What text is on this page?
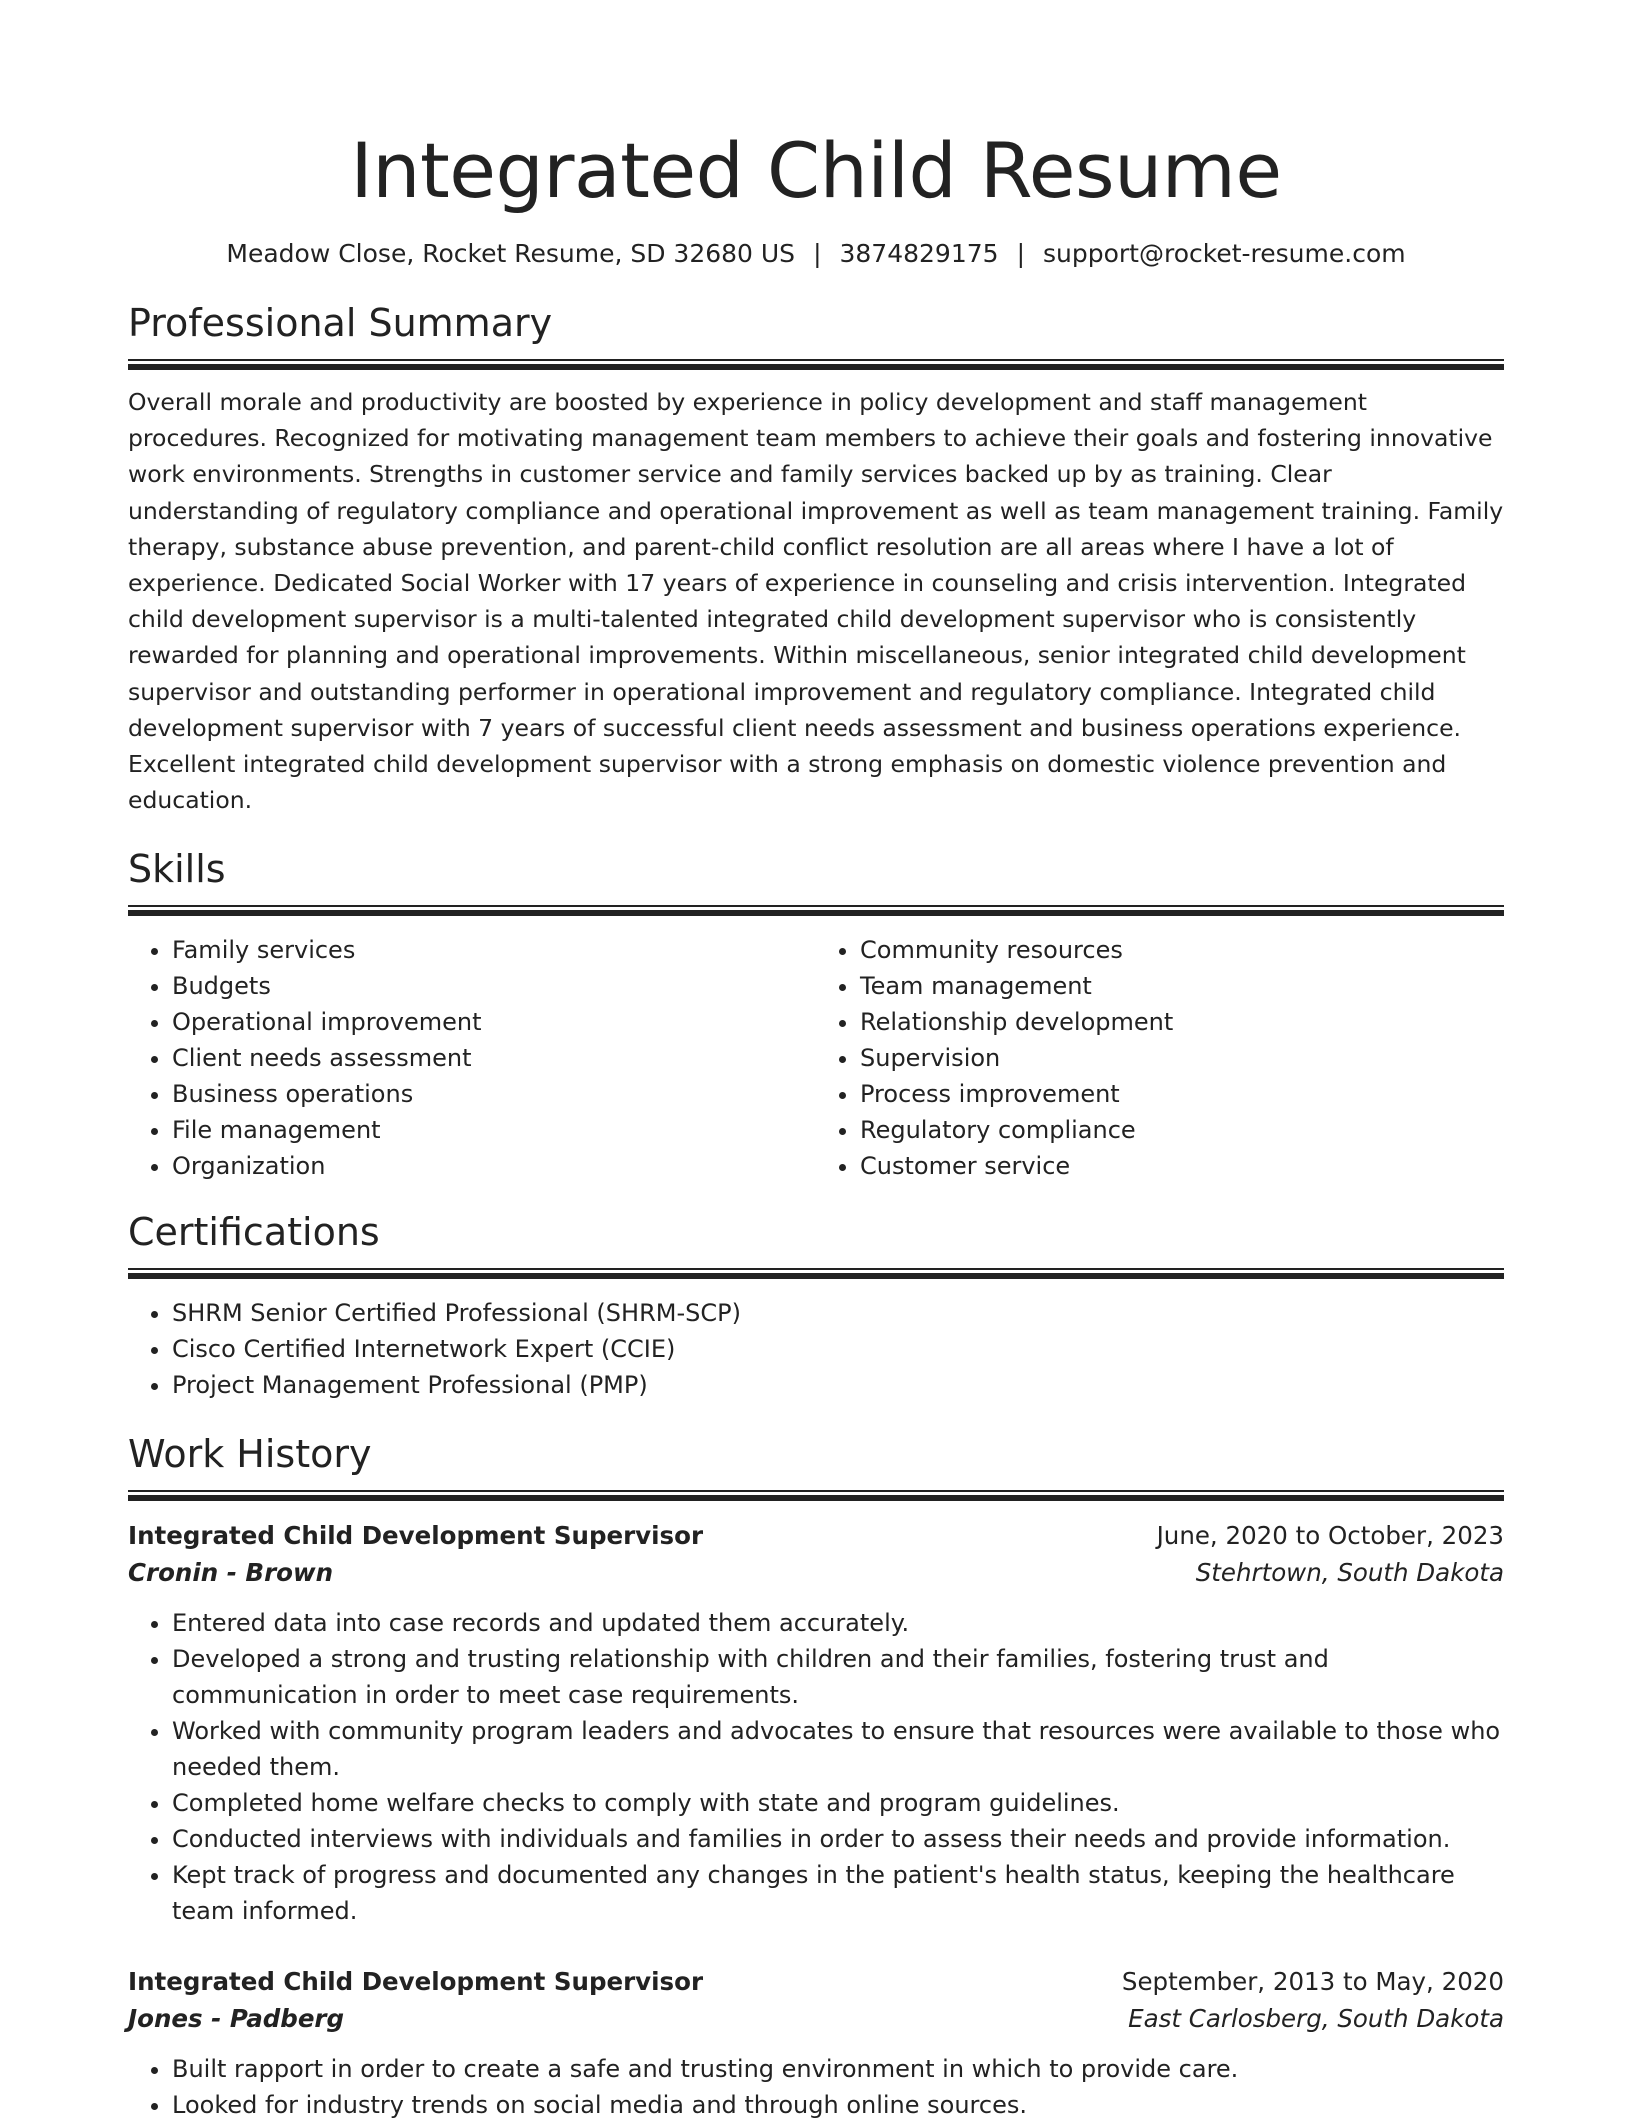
Integrated Child Resume
Meadow Close, Rocket Resume, SD 32680 US | 3874829175 | support@rocket-resume.com
Professional Summary
Overall morale and productivity are boosted by experience in policy development and staff management procedures. Recognized for motivating management team members to achieve their goals and fostering innovative work environments. Strengths in customer service and family services backed up by as training. Clear understanding of regulatory compliance and operational improvement as well as team management training. Family therapy, substance abuse prevention, and parent-child conflict resolution are all areas where I have a lot of experience. Dedicated Social Worker with 17 years of experience in counseling and crisis intervention. Integrated child development supervisor is a multi-talented integrated child development supervisor who is consistently rewarded for planning and operational improvements. Within miscellaneous, senior integrated child development supervisor and outstanding performer in operational improvement and regulatory compliance. Integrated child development supervisor with 7 years of successful client needs assessment and business operations experience. Excellent integrated child development supervisor with a strong emphasis on domestic violence prevention and education.
Skills
• Family services
• Budgets
• Operational improvement
• Client needs assessment
• Business operations
• File management
• Organization
• Community resources
• Team management
• Relationship development
• Supervision
• Process improvement
• Regulatory compliance
• Customer service
Certifications
• SHRM Senior Certified Professional (SHRM-SCP)
• Cisco Certified Internetwork Expert (CCIE)
• Project Management Professional (PMP)
Work History
Integrated Child Development Supervisor	June, 2020 to October, 2023
Cronin - Brown	Stehrtown, South Dakota
• Entered data into case records and updated them accurately.
• Developed a strong and trusting relationship with children and their families, fostering trust and communication in order to meet case requirements.
• Worked with community program leaders and advocates to ensure that resources were available to those who needed them.
• Completed home welfare checks to comply with state and program guidelines.
• Conducted interviews with individuals and families in order to assess their needs and provide information.
• Kept track of progress and documented any changes in the patient's health status, keeping the healthcare team informed.
Integrated Child Development Supervisor	September, 2013 to May, 2020
Jones - Padberg	East Carlosberg, South Dakota
• Built rapport in order to create a safe and trusting environment in which to provide care.
• Looked for industry trends on social media and through online sources.
